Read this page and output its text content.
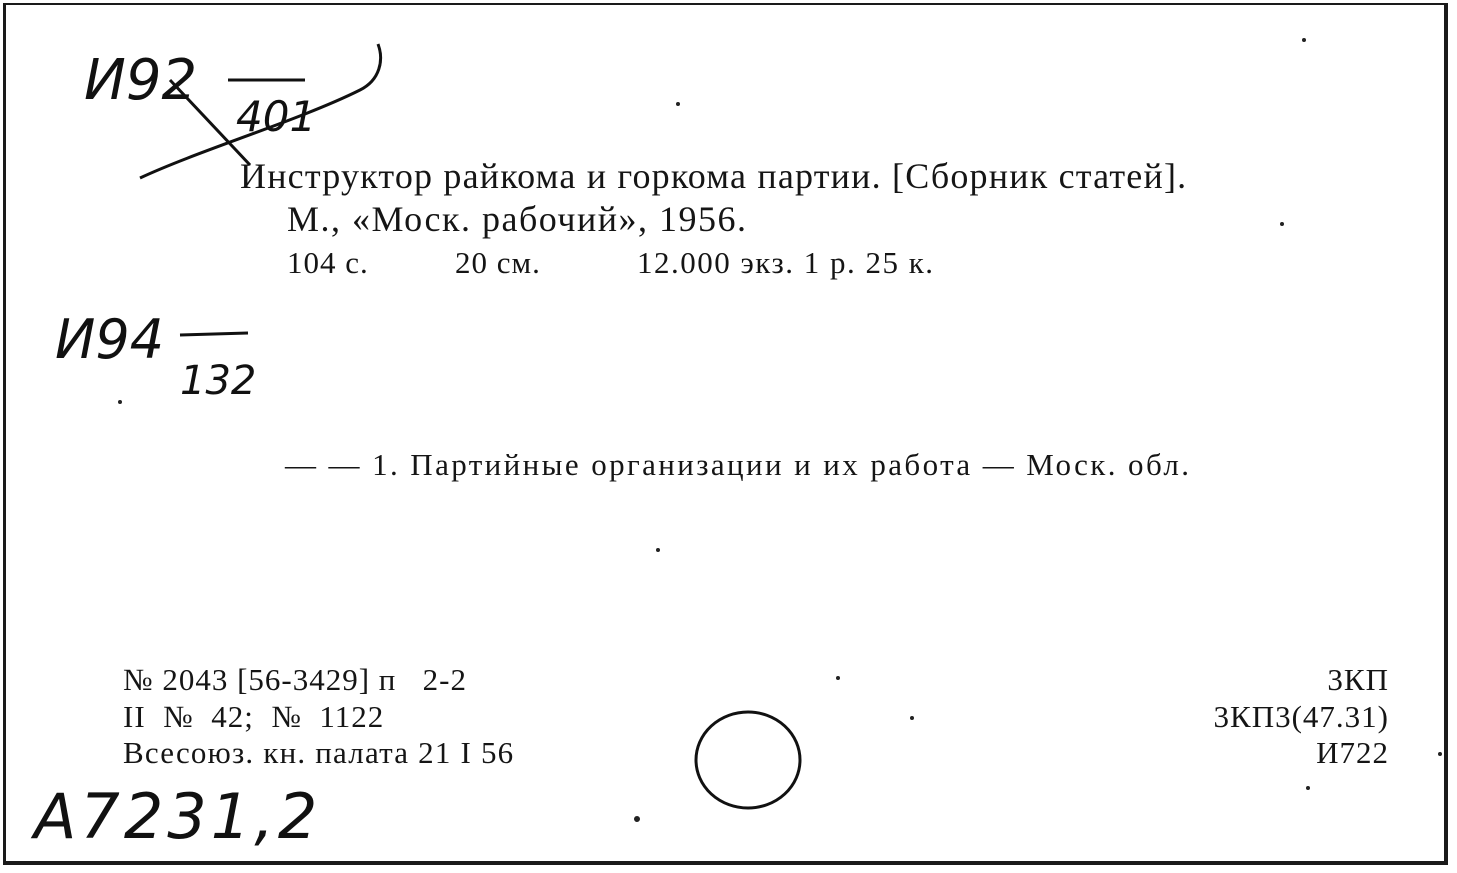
И92
401
И94
132
А7231,2
Инструктор райкома и горкома партии. [Сборник статей].
М., «Моск. рабочий», 1956.
104 с.	20 см.	12.000 экз. 1 р. 25 к.
— — 1. Партийные организации и их работа — Моск. обл.
№ 2043 [56-3429] п   2-2
II  №  42;  №  1122
Всесоюз. кн. палата 21 I 56
3КП
3КП3(47.31)
И722
